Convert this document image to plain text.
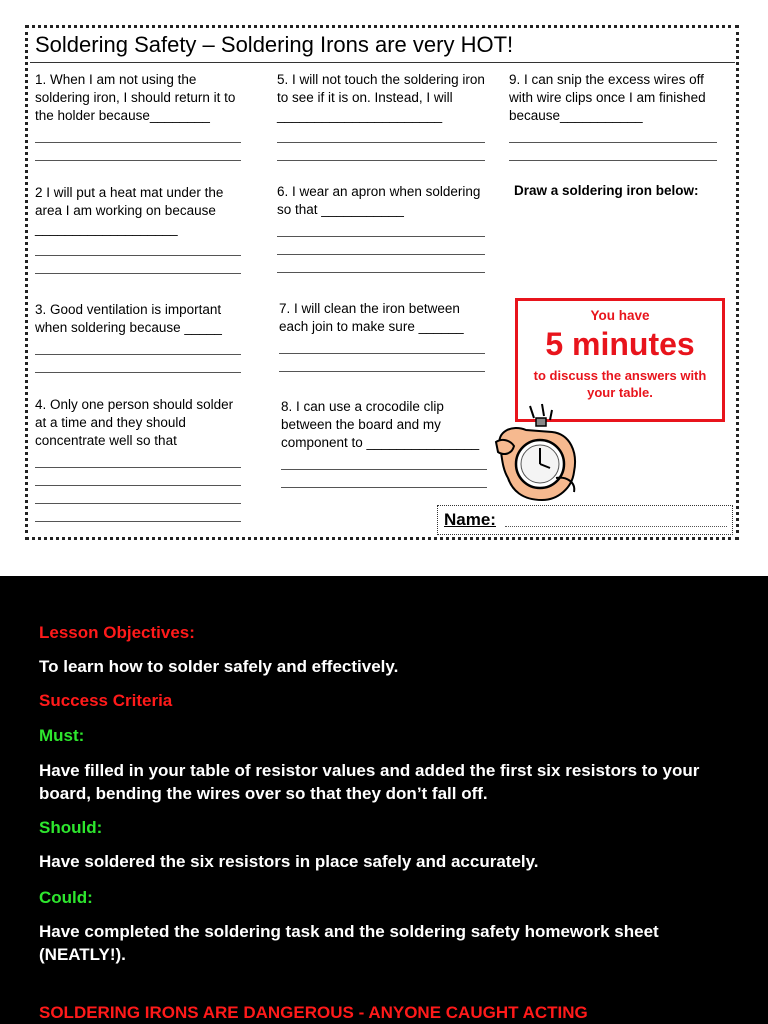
Soldering Safety – Soldering Irons are very HOT!
1. When I am not using the soldering iron, I should return it to the holder because________
2 I will put a heat mat under the area I am working on because ___________________
3. Good ventilation is important when soldering because _____
4. Only one person should solder at a time and they should concentrate well so that
5. I will not touch the soldering iron to see if it is on. Instead, I will ______________________
6. I wear an apron when soldering so that ___________
7. I will clean the iron between each join to make sure ______
8. I can use a crocodile clip between the board and my component to _______________
9. I can snip the excess wires off with wire clips once I am finished because___________
Draw a soldering iron below:
You have
5 minutes
to discuss the answers with your table.
Name:
Lesson Objectives:
To learn how to solder safely and effectively.
Success Criteria
Must:
Have filled in your table of resistor values and added the first six resistors to your board, bending the wires over so that they don’t fall off.
Should:
Have soldered the six resistors in place safely and accurately.
Could:
Have completed the soldering task and the soldering safety homework sheet (NEATLY!).
SOLDERING IRONS ARE DANGEROUS - ANYONE CAUGHT ACTING
